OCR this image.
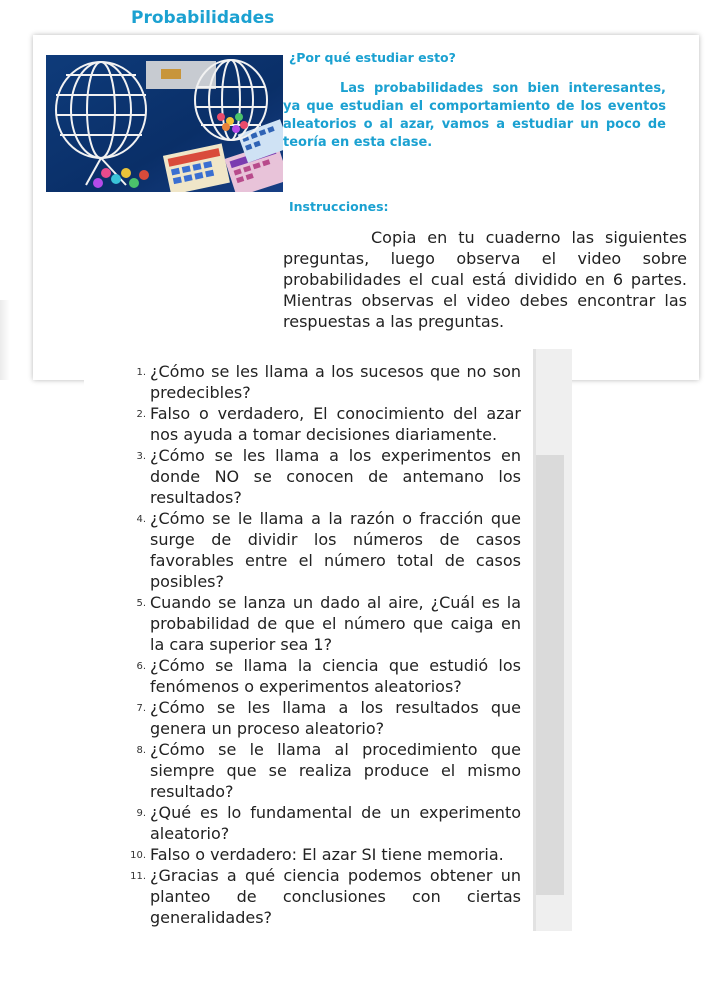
Probabilidades
¿Por qué estudiar esto?

Las probabilidades son bien interesantes, ya que estudian el comportamiento de los eventos aleatorios o al azar, vamos a estudiar un poco de teoría en esta clase.

Instrucciones:

Copia en tu cuaderno las siguientes preguntas, luego observa el video sobre probabilidades el cual está dividido en 6 partes. Mientras observas el video debes encontrar las respuestas a las preguntas.

1. ¿Cómo se les llama a los sucesos que no son predecibles?
2. Falso o verdadero, El conocimiento del azar nos ayuda a tomar decisiones diariamente.
3. ¿Cómo se les llama a los experimentos en donde NO se conocen de antemano los resultados?
4. ¿Cómo se le llama a la razón o fracción que surge de dividir los números de casos favorables entre el número total de casos posibles?
5. Cuando se lanza un dado al aire, ¿Cuál es la probabilidad de que el número que caiga en la cara superior sea 1?
6. ¿Cómo se llama la ciencia que estudió los fenómenos o experimentos aleatorios?
7. ¿Cómo se les llama a los resultados que genera un proceso aleatorio?
8. ¿Cómo se le llama al procedimiento que siempre que se realiza produce el mismo resultado?
9. ¿Qué es lo fundamental de un experimento aleatorio?
10. Falso o verdadero: El azar SI tiene memoria.
11. ¿Gracias a qué ciencia podemos obtener un planteo de conclusiones con ciertas generalidades?
